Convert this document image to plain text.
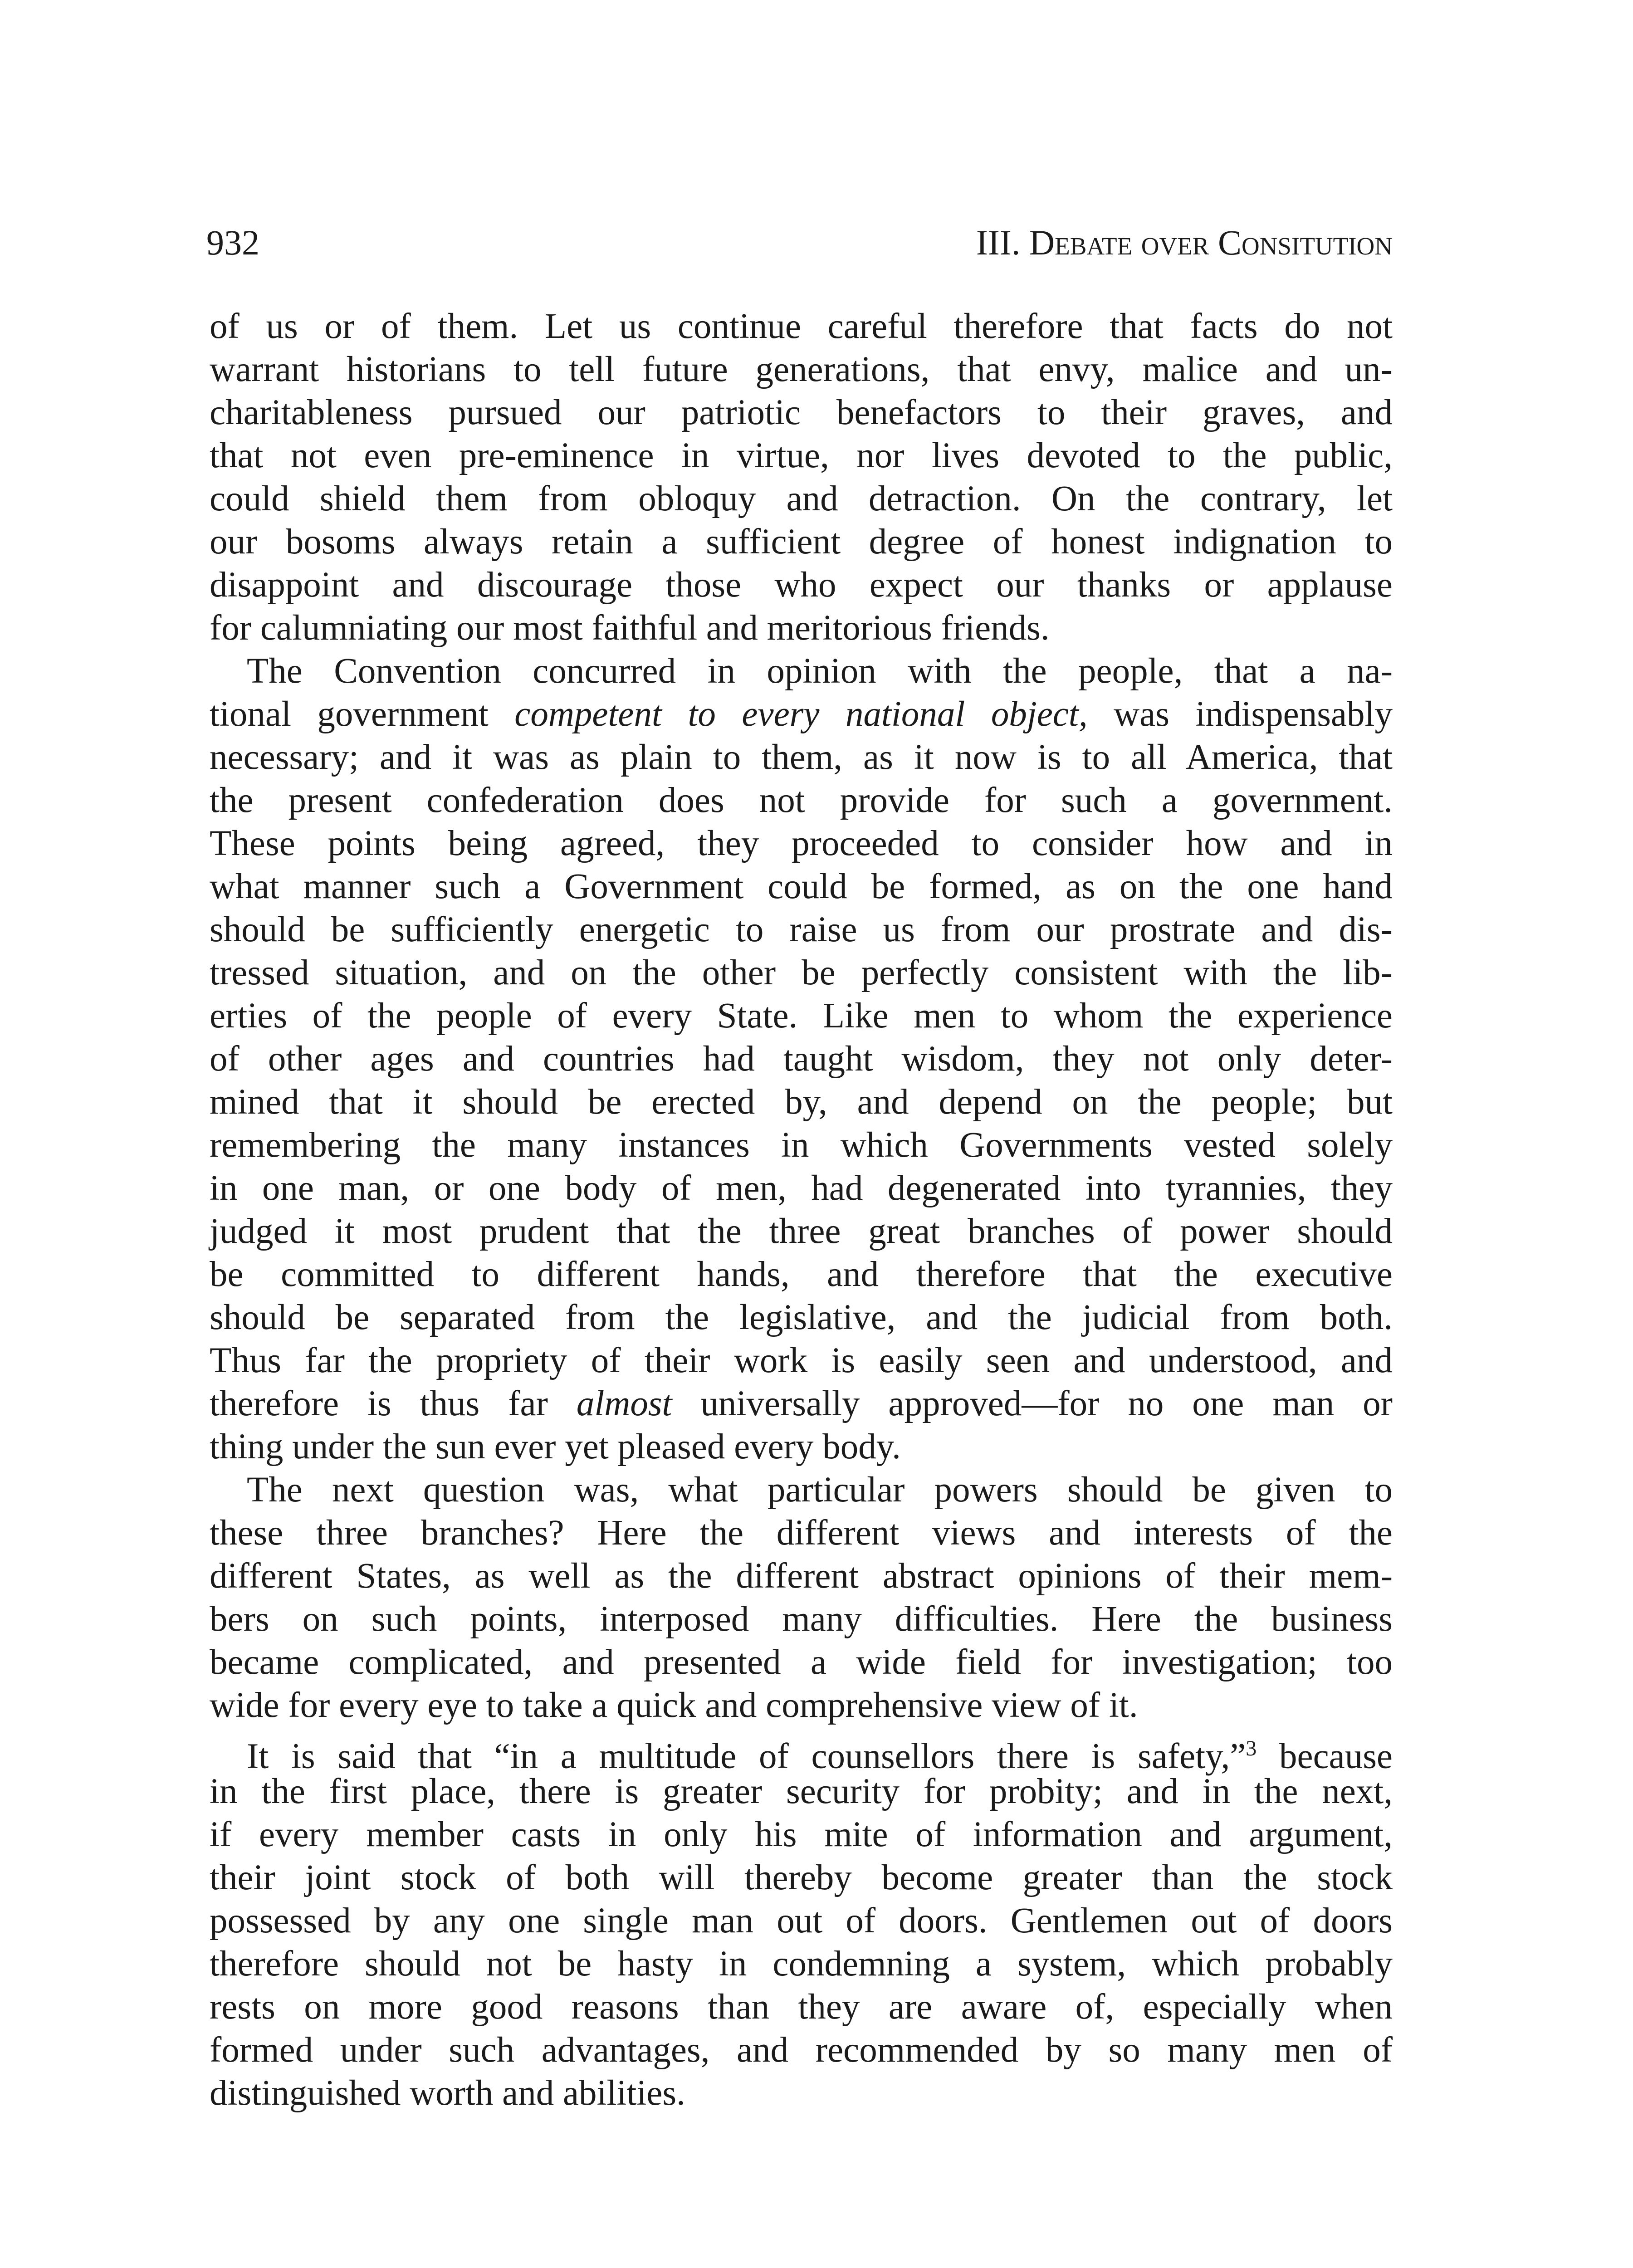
932	III. Debate over Consitution
of us or of them. Let us continue careful therefore that facts do not
warrant historians to tell future generations, that envy, malice and un-
charitableness pursued our patriotic benefactors to their graves, and
that not even pre-eminence in virtue, nor lives devoted to the public,
could shield them from obloquy and detraction. On the contrary, let
our bosoms always retain a sufficient degree of honest indignation to
disappoint and discourage those who expect our thanks or applause
for calumniating our most faithful and meritorious friends.
The Convention concurred in opinion with the people, that a na-
tional government competent to every national object, was indispensably
necessary; and it was as plain to them, as it now is to all America, that
the present confederation does not provide for such a government.
These points being agreed, they proceeded to consider how and in
what manner such a Government could be formed, as on the one hand
should be sufficiently energetic to raise us from our prostrate and dis-
tressed situation, and on the other be perfectly consistent with the lib-
erties of the people of every State. Like men to whom the experience
of other ages and countries had taught wisdom, they not only deter-
mined that it should be erected by, and depend on the people; but
remembering the many instances in which Governments vested solely
in one man, or one body of men, had degenerated into tyrannies, they
judged it most prudent that the three great branches of power should
be committed to different hands, and therefore that the executive
should be separated from the legislative, and the judicial from both.
Thus far the propriety of their work is easily seen and understood, and
therefore is thus far almost universally approved—for no one man or
thing under the sun ever yet pleased every body.
The next question was, what particular powers should be given to
these three branches? Here the different views and interests of the
different States, as well as the different abstract opinions of their mem-
bers on such points, interposed many difficulties. Here the business
became complicated, and presented a wide field for investigation; too
wide for every eye to take a quick and comprehensive view of it.
It is said that “in a multitude of counsellors there is safety,”$^3$ because
in the first place, there is greater security for probity; and in the next,
if every member casts in only his mite of information and argument,
their joint stock of both will thereby become greater than the stock
possessed by any one single man out of doors. Gentlemen out of doors
therefore should not be hasty in condemning a system, which probably
rests on more good reasons than they are aware of, especially when
formed under such advantages, and recommended by so many men of
distinguished worth and abilities.
